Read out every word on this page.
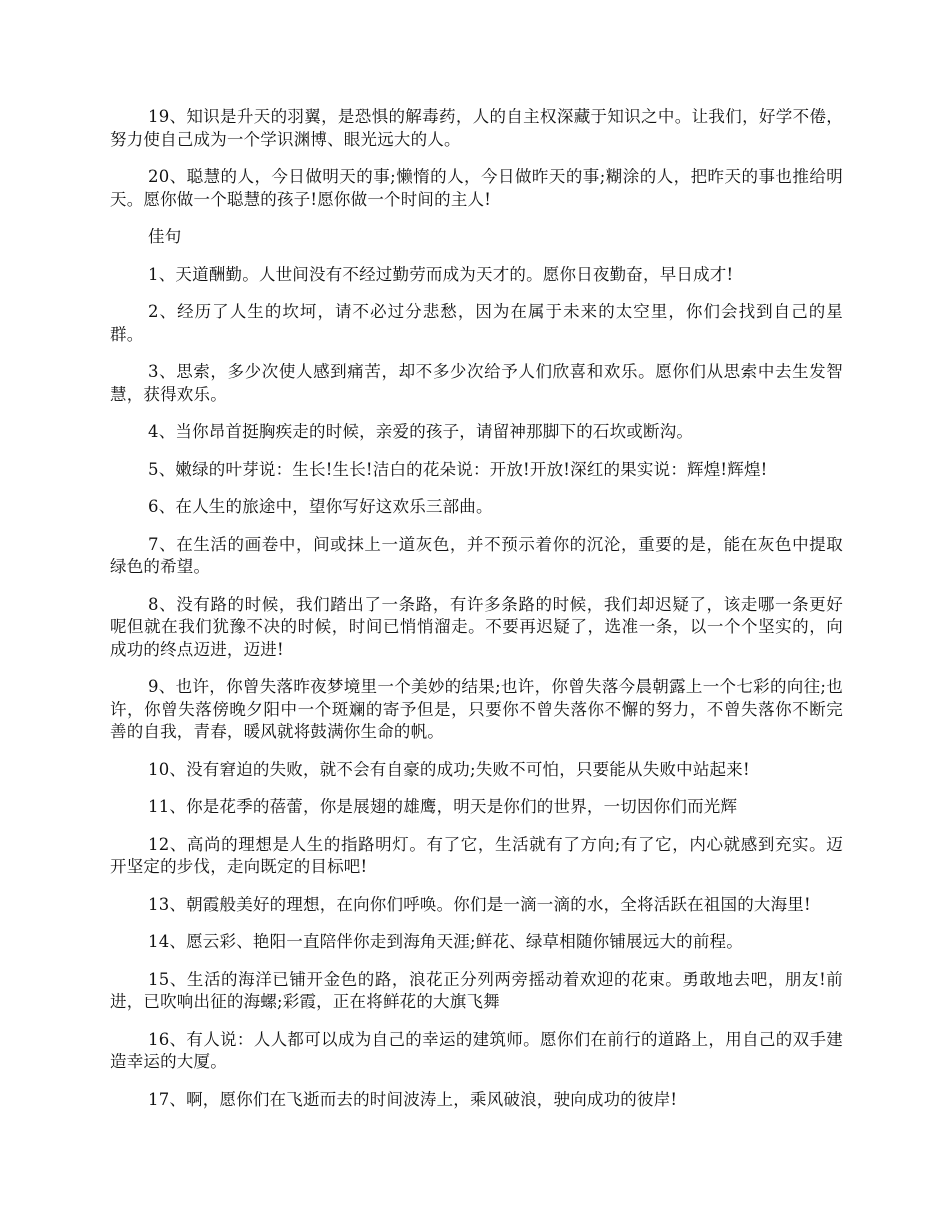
19、知识是升天的羽翼，是恐惧的解毒药，人的自主权深藏于知识之中。让我们，好学不倦，努力使自己成为一个学识渊博、眼光远大的人。

20、聪慧的人，今日做明天的事;懒惰的人，今日做昨天的事;糊涂的人，把昨天的事也推给明天。愿你做一个聪慧的孩子!愿你做一个时间的主人!

佳句

1、天道酬勤。人世间没有不经过勤劳而成为天才的。愿你日夜勤奋，早日成才!

2、经历了人生的坎坷，请不必过分悲愁，因为在属于未来的太空里，你们会找到自己的星群。

3、思索，多少次使人感到痛苦，却不多少次给予人们欣喜和欢乐。愿你们从思索中去生发智慧，获得欢乐。

4、当你昂首挺胸疾走的时候，亲爱的孩子，请留神那脚下的石坎或断沟。

5、嫩绿的叶芽说：生长!生长!洁白的花朵说：开放!开放!深红的果实说：辉煌!辉煌!

6、在人生的旅途中，望你写好这欢乐三部曲。

7、在生活的画卷中，间或抹上一道灰色，并不预示着你的沉沦，重要的是，能在灰色中提取绿色的希望。

8、没有路的时候，我们踏出了一条路，有许多条路的时候，我们却迟疑了，该走哪一条更好呢但就在我们犹豫不决的时候，时间已悄悄溜走。不要再迟疑了，选准一条，以一个个坚实的，向成功的终点迈进，迈进!

9、也许，你曾失落昨夜梦境里一个美妙的结果;也许，你曾失落今晨朝露上一个七彩的向往;也许，你曾失落傍晚夕阳中一个斑斓的寄予但是，只要你不曾失落你不懈的努力，不曾失落你不断完善的自我，青春，暖风就将鼓满你生命的帆。

10、没有窘迫的失败，就不会有自豪的成功;失败不可怕，只要能从失败中站起来!

11、你是花季的蓓蕾，你是展翅的雄鹰，明天是你们的世界，一切因你们而光辉

12、高尚的理想是人生的指路明灯。有了它，生活就有了方向;有了它，内心就感到充实。迈开坚定的步伐，走向既定的目标吧!

13、朝霞般美好的理想，在向你们呼唤。你们是一滴一滴的水，全将活跃在祖国的大海里!

14、愿云彩、艳阳一直陪伴你走到海角天涯;鲜花、绿草相随你铺展远大的前程。

15、生活的海洋已铺开金色的路，浪花正分列两旁摇动着欢迎的花束。勇敢地去吧，朋友!前进，已吹响出征的海螺;彩霞，正在将鲜花的大旗飞舞

16、有人说：人人都可以成为自己的幸运的建筑师。愿你们在前行的道路上，用自己的双手建造幸运的大厦。

17、啊，愿你们在飞逝而去的时间波涛上，乘风破浪，驶向成功的彼岸!
